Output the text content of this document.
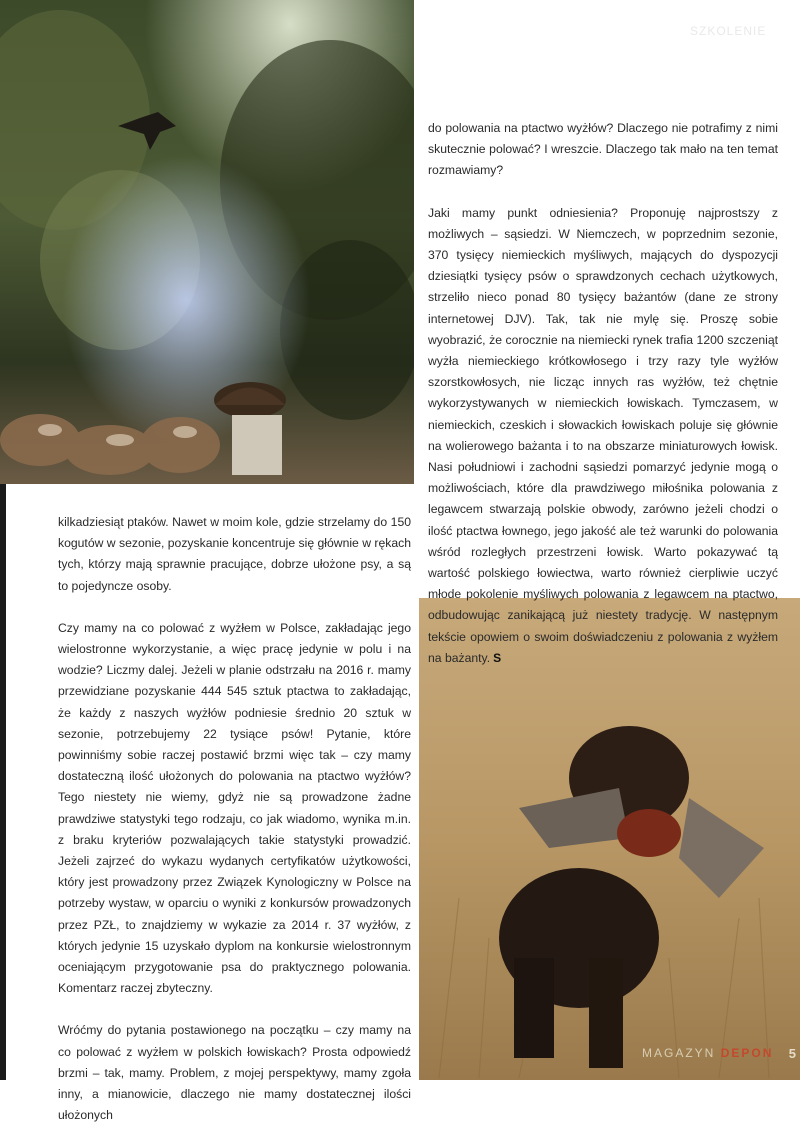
SZKOLENIE

do polowania na ptactwo wyżłów? Dlaczego nie potrafimy z nimi skutecznie polować? I wreszcie. Dlaczego tak mało na ten temat rozmawiamy?

Jaki mamy punkt odniesienia? Proponuję najprostszy z możliwych – sąsiedzi. W Niemczech, w poprzednim sezonie, 370 tysięcy niemieckich myśliwych, mających do dyspozycji dziesiątki tysięcy psów o sprawdzonych cechach użytkowych, strzeliło nieco ponad 80 tysięcy bażantów (dane ze strony internetowej DJV). Tak, tak nie mylę się. Proszę sobie wyobrazić, że corocznie na niemiecki rynek trafia 1200 szczeniąt wyżła niemieckiego krótkowłosego i trzy razy tyle wyżłów szorstkowłosych, nie licząc innych ras wyżłów, też chętnie wykorzystywanych w niemieckich łowiskach. Tymczasem, w niemieckich, czeskich i słowackich łowiskach poluje się głównie na wolierowego bażanta i to na obszarze miniaturowych łowisk. Nasi południowi i zachodni sąsiedzi pomarzyć jedynie mogą o możliwościach, które dla prawdziwego miłośnika polowania z legawcem stwarzają polskie obwody, zarówno jeżeli chodzi o ilość ptactwa łownego, jego jakość ale też warunki do polowania wśród rozległych przestrzeni łowisk. Warto pokazywać tą wartość polskiego łowiectwa, warto również cierpliwie uczyć młode pokolenie myśliwych polowania z legawcem na ptactwo, odbudowując zanikającą już niestety tradycję. W następnym tekście opowiem o swoim doświadczeniu z polowania z wyżłem na bażanty. S

kilkadziesiąt ptaków. Nawet w moim kole, gdzie strzelamy do 150 kogutów w sezonie, pozyskanie koncentruje się głównie w rękach tych, którzy mają sprawnie pracujące, dobrze ułożone psy, a są to pojedyncze osoby.

Czy mamy na co polować z wyżłem w Polsce, zakładając jego wielostronne wykorzystanie, a więc pracę jedynie w polu i na wodzie? Liczmy dalej. Jeżeli w planie odstrzału na 2016 r. mamy przewidziane pozyskanie 444 545 sztuk ptactwa to zakładając, że każdy z naszych wyżłów podniesie średnio 20 sztuk w sezonie, potrzebujemy 22 tysiące psów! Pytanie, które powinniśmy sobie raczej postawić brzmi więc tak – czy mamy dostateczną ilość ułożonych do polowania na ptactwo wyżłów? Tego niestety nie wiemy, gdyż nie są prowadzone żadne prawdziwe statystyki tego rodzaju, co jak wiadomo, wynika m.in. z braku kryteriów pozwalających takie statystyki prowadzić. Jeżeli zajrzeć do wykazu wydanych certyfikatów użytkowości, który jest prowadzony przez Związek Kynologiczny w Polsce na potrzeby wystaw, w oparciu o wyniki z konkursów prowadzonych przez PZŁ, to znajdziemy w wykazie za 2014 r. 37 wyżłów, z których jedynie 15 uzyskało dyplom na konkursie wielostronnym oceniającym przygotowanie psa do praktycznego polowania. Komentarz raczej zbyteczny.

Wróćmy do pytania postawionego na początku – czy mamy na co polować z wyżłem w polskich łowiskach? Prosta odpowiedź brzmi – tak, mamy. Problem, z mojej perspektywy, mamy zgoła inny, a mianowicie, dlaczego nie mamy dostatecznej ilości ułożonych

MAGAZYN DEPON 5
